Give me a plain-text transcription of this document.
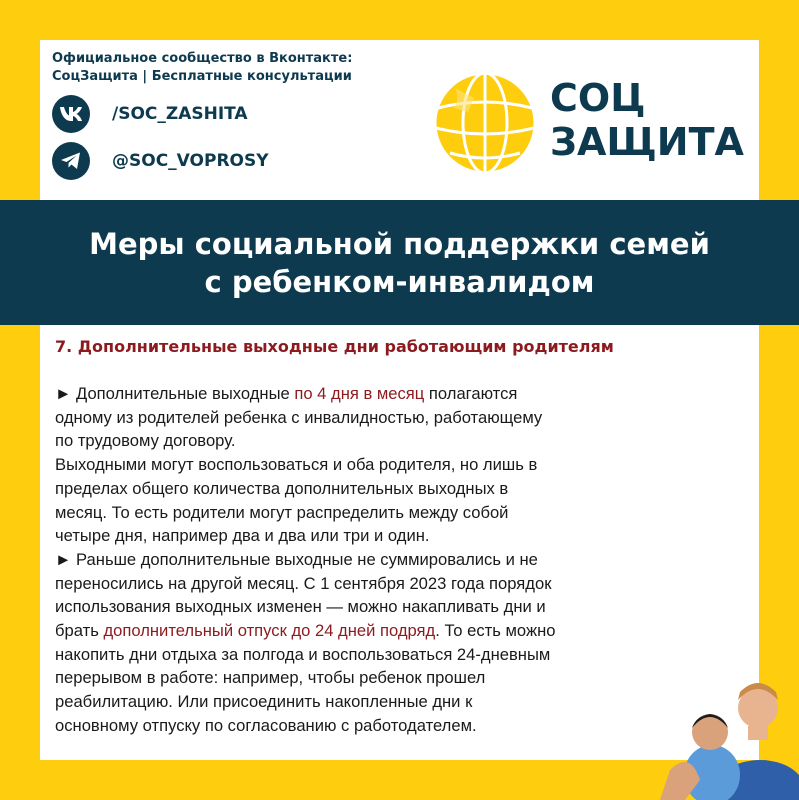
Официальное сообщество в Вконтакте:
СоцЗащита | Бесплатные консультации
/SOC_ZASHITA
@SOC_VOPROSY
СОЦ
ЗАЩИТА
Меры социальной поддержки семей
с ребенком-инвалидом
7. Дополнительные выходные дни работающим родителям
► Дополнительные выходные по 4 дня в месяц полагаются
одному из родителей ребенка с инвалидностью, работающему
по трудовому договору.
Выходными могут воспользоваться и оба родителя, но лишь в
пределах общего количества дополнительных выходных в
месяц. То есть родители могут распределить между собой
четыре дня, например два и два или три и один.
► Раньше дополнительные выходные не суммировались и не
переносились на другой месяц. С 1 сентября 2023 года порядок
использования выходных изменен — можно накапливать дни и
брать дополнительный отпуск до 24 дней подряд. То есть можно
накопить дни отдыха за полгода и воспользоваться 24-дневным
перерывом в работе: например, чтобы ребенок прошел
реабилитацию. Или присоединить накопленные дни к
основному отпуску по согласованию с работодателем.
